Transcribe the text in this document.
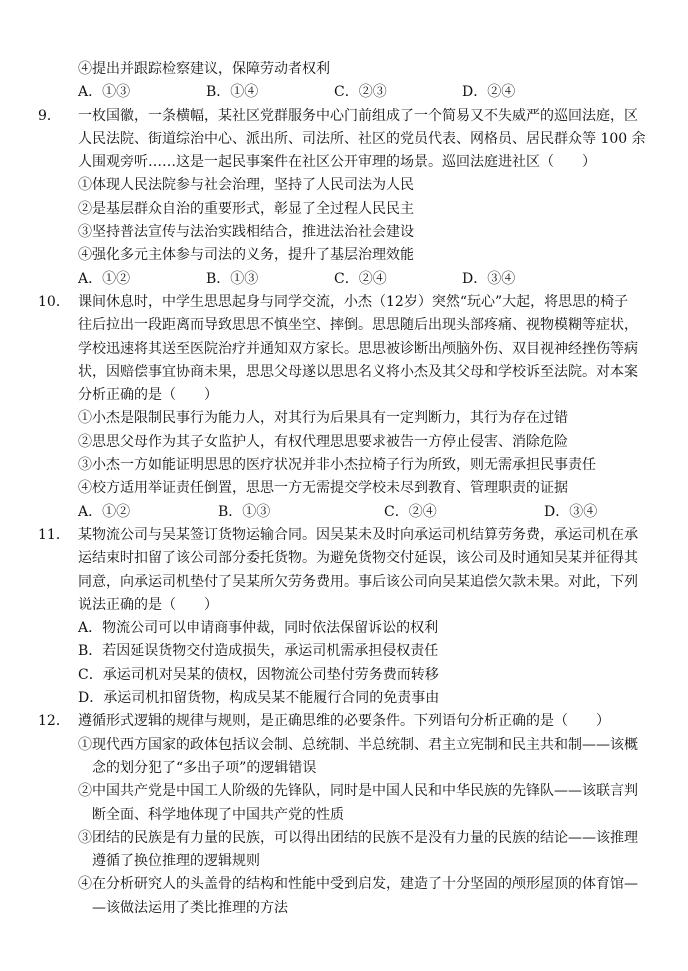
④提出并跟踪检察建议，保障劳动者权利
A．①③	B．①④	C．②③	D．②④
9． 一枚国徽，一条横幅，某社区党群服务中心门前组成了一个简易又不失威严的巡回法庭，区
人民法院、街道综治中心、派出所、司法所、社区的党员代表、网格员、居民群众等 100 余
人围观旁听……这是一起民事案件在社区公开审理的场景。巡回法庭进社区（　　）
①体现人民法院参与社会治理，坚持了人民司法为人民
②是基层群众自治的重要形式，彰显了全过程人民民主
③坚持普法宣传与法治实践相结合，推进法治社会建设
④强化多元主体参与司法的义务，提升了基层治理效能
A．①②	B．①③	C．②④	D．③④
10． 课间休息时，中学生思思起身与同学交流，小杰（12岁）突然“玩心”大起，将思思的椅子
往后拉出一段距离而导致思思不慎坐空、摔倒。思思随后出现头部疼痛、视物模糊等症状，
学校迅速将其送至医院治疗并通知双方家长。思思被诊断出颅脑外伤、双目视神经挫伤等病
状，因赔偿事宜协商未果，思思父母遂以思思名义将小杰及其父母和学校诉至法院。对本案
分析正确的是（　　）
①小杰是限制民事行为能力人，对其行为后果具有一定判断力，其行为存在过错
②思思父母作为其子女监护人，有权代理思思要求被告一方停止侵害、消除危险
③小杰一方如能证明思思的医疗状况并非小杰拉椅子行为所致，则无需承担民事责任
④校方适用举证责任倒置，思思一方无需提交学校未尽到教育、管理职责的证据
A．①②	B．①③	C．②④	D．③④
11． 某物流公司与吴某签订货物运输合同。因吴某未及时向承运司机结算劳务费，承运司机在承
运结束时扣留了该公司部分委托货物。为避免货物交付延误，该公司及时通知吴某并征得其
同意，向承运司机垫付了吴某所欠劳务费用。事后该公司向吴某追偿欠款未果。对此，下列
说法正确的是（　　）
A．物流公司可以申请商事仲裁，同时依法保留诉讼的权利
B．若因延误货物交付造成损失，承运司机需承担侵权责任
C．承运司机对吴某的债权，因物流公司垫付劳务费而转移
D．承运司机扣留货物，构成吴某不能履行合同的免责事由
12． 遵循形式逻辑的规律与规则，是正确思维的必要条件。下列语句分析正确的是（　　）
①现代西方国家的政体包括议会制、总统制、半总统制、君主立宪制和民主共和制——该概
念的划分犯了“多出子项”的逻辑错误
②中国共产党是中国工人阶级的先锋队，同时是中国人民和中华民族的先锋队——该联言判
断全面、科学地体现了中国共产党的性质
③团结的民族是有力量的民族，可以得出团结的民族不是没有力量的民族的结论——该推理
遵循了换位推理的逻辑规则
④在分析研究人的头盖骨的结构和性能中受到启发，建造了十分坚固的颅形屋顶的体育馆—
—该做法运用了类比推理的方法
